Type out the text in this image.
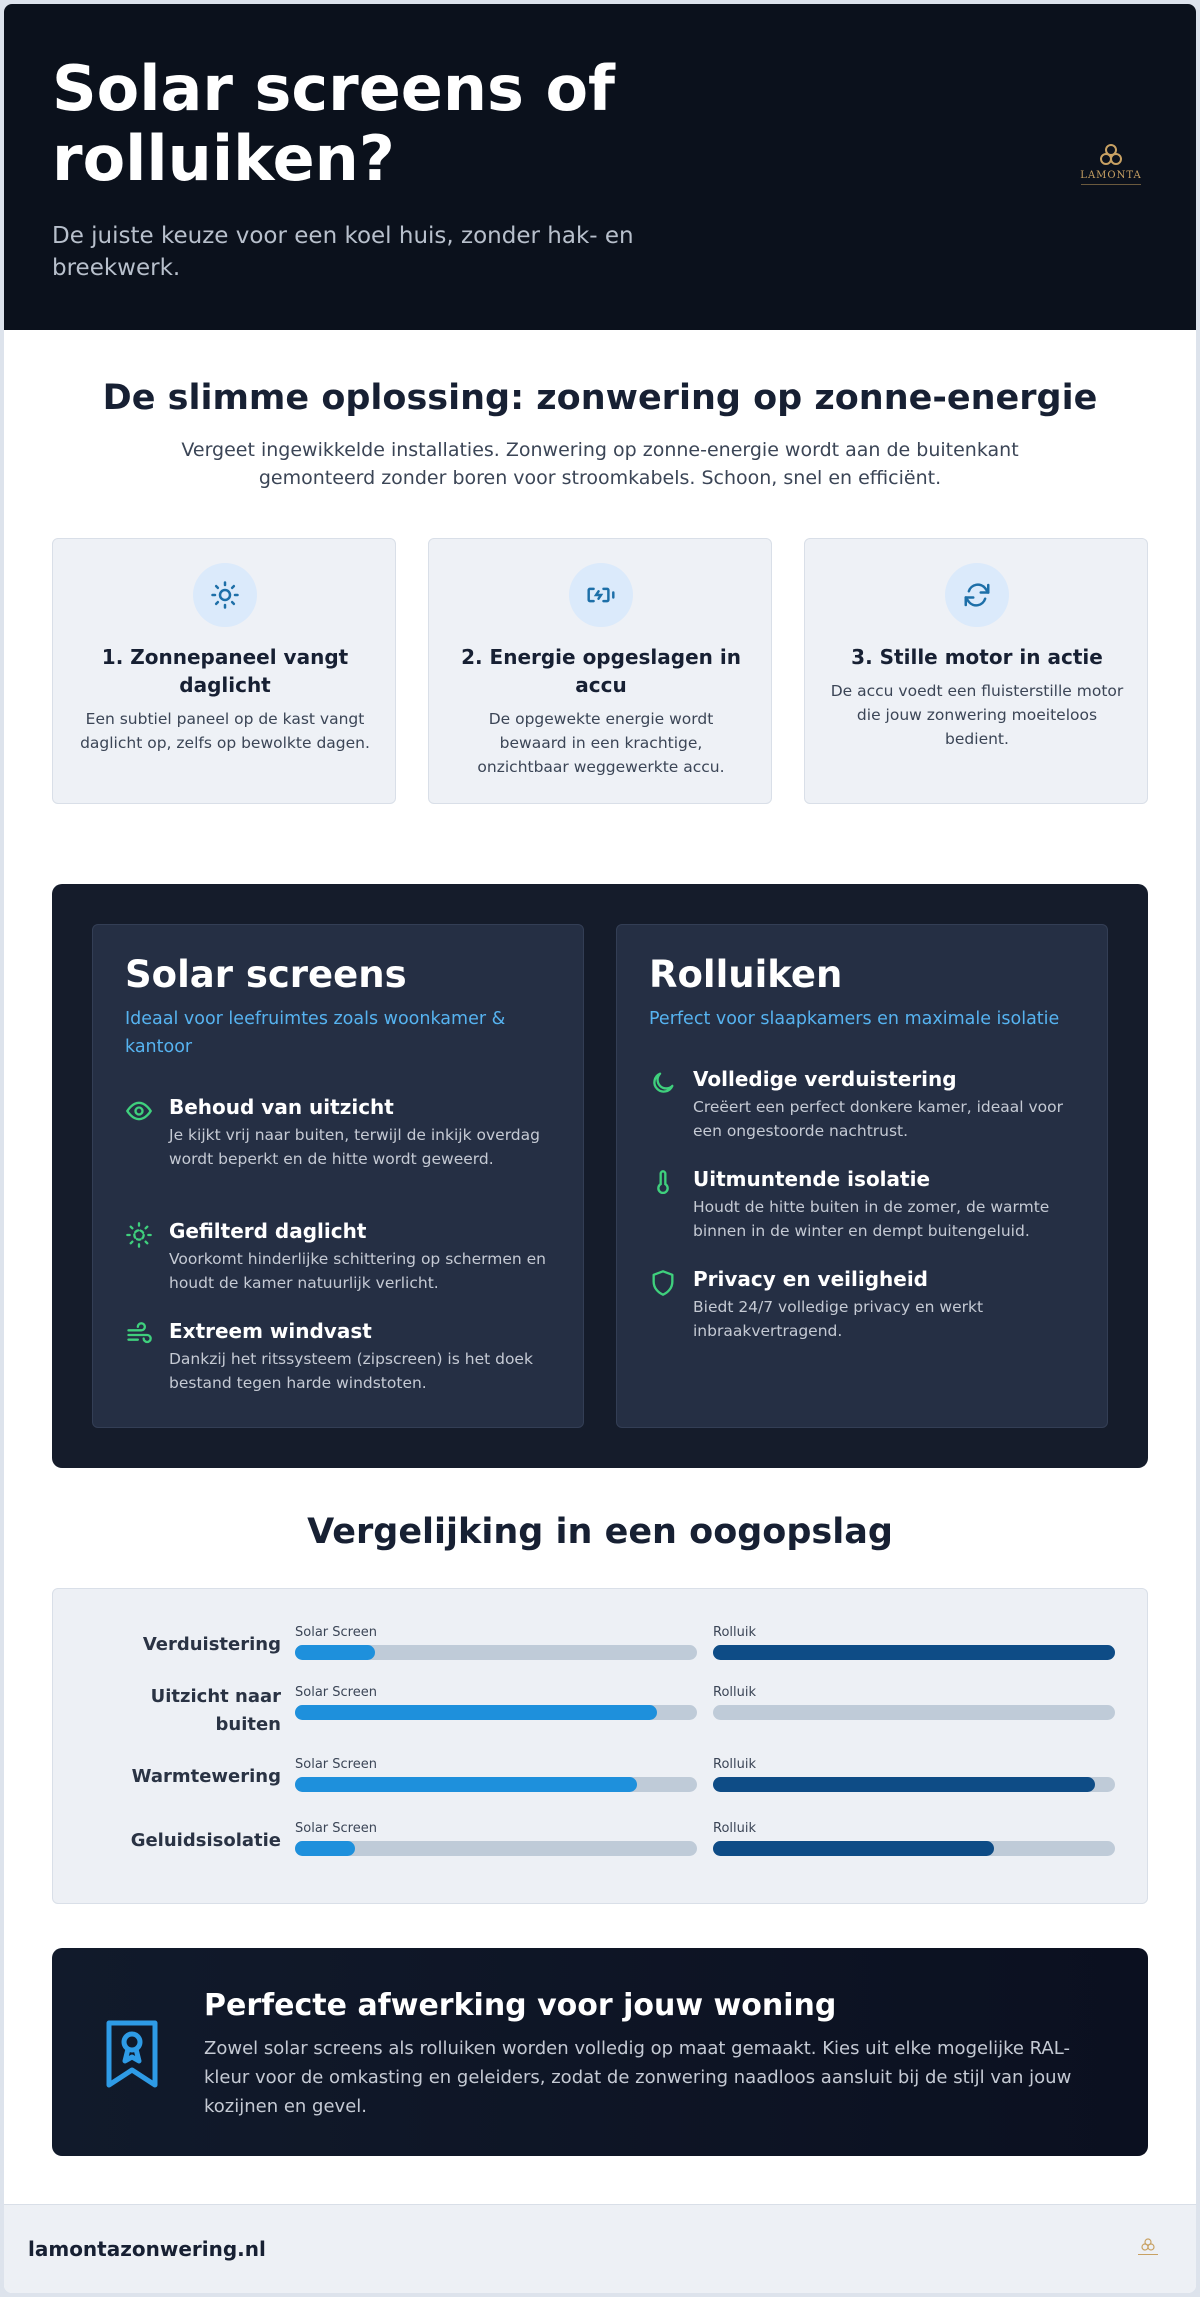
Solar screens of rolluiken?
De juiste keuze voor een koel huis, zonder hak- en breekwerk.
LAMONTA
De slimme oplossing: zonwering op zonne-energie
Vergeet ingewikkelde installaties. Zonwering op zonne-energie wordt aan de buitenkant gemonteerd zonder boren voor stroomkabels. Schoon, snel en efficiënt.
1. Zonnepaneel vangt daglicht
Een subtiel paneel op de kast vangt daglicht op, zelfs op bewolkte dagen.
2. Energie opgeslagen in accu
De opgewekte energie wordt bewaard in een krachtige, onzichtbaar weggewerkte accu.
3. Stille motor in actie
De accu voedt een fluisterstille motor die jouw zonwering moeiteloos bedient.
Solar screens
Ideaal voor leefruimtes zoals woonkamer & kantoor
Behoud van uitzicht
Je kijkt vrij naar buiten, terwijl de inkijk overdag wordt beperkt en de hitte wordt geweerd.
Gefilterd daglicht
Voorkomt hinderlijke schittering op schermen en houdt de kamer natuurlijk verlicht.
Extreem windvast
Dankzij het ritssysteem (zipscreen) is het doek bestand tegen harde windstoten.
Rolluiken
Perfect voor slaapkamers en maximale isolatie
Volledige verduistering
Creëert een perfect donkere kamer, ideaal voor een ongestoorde nachtrust.
Uitmuntende isolatie
Houdt de hitte buiten in de zomer, de warmte binnen in de winter en dempt buitengeluid.
Privacy en veiligheid
Biedt 24/7 volledige privacy en werkt inbraakvertragend.
Vergelijking in een oogopslag
Verduistering
Solar Screen	Rolluik
Uitzicht naar buiten
Solar Screen	Rolluik
Warmtewering
Solar Screen	Rolluik
Geluidsisolatie
Solar Screen	Rolluik
Perfecte afwerking voor jouw woning
Zowel solar screens als rolluiken worden volledig op maat gemaakt. Kies uit elke mogelijke RAL-kleur voor de omkasting en geleiders, zodat de zonwering naadloos aansluit bij de stijl van jouw kozijnen en gevel.
lamontazonwering.nl
